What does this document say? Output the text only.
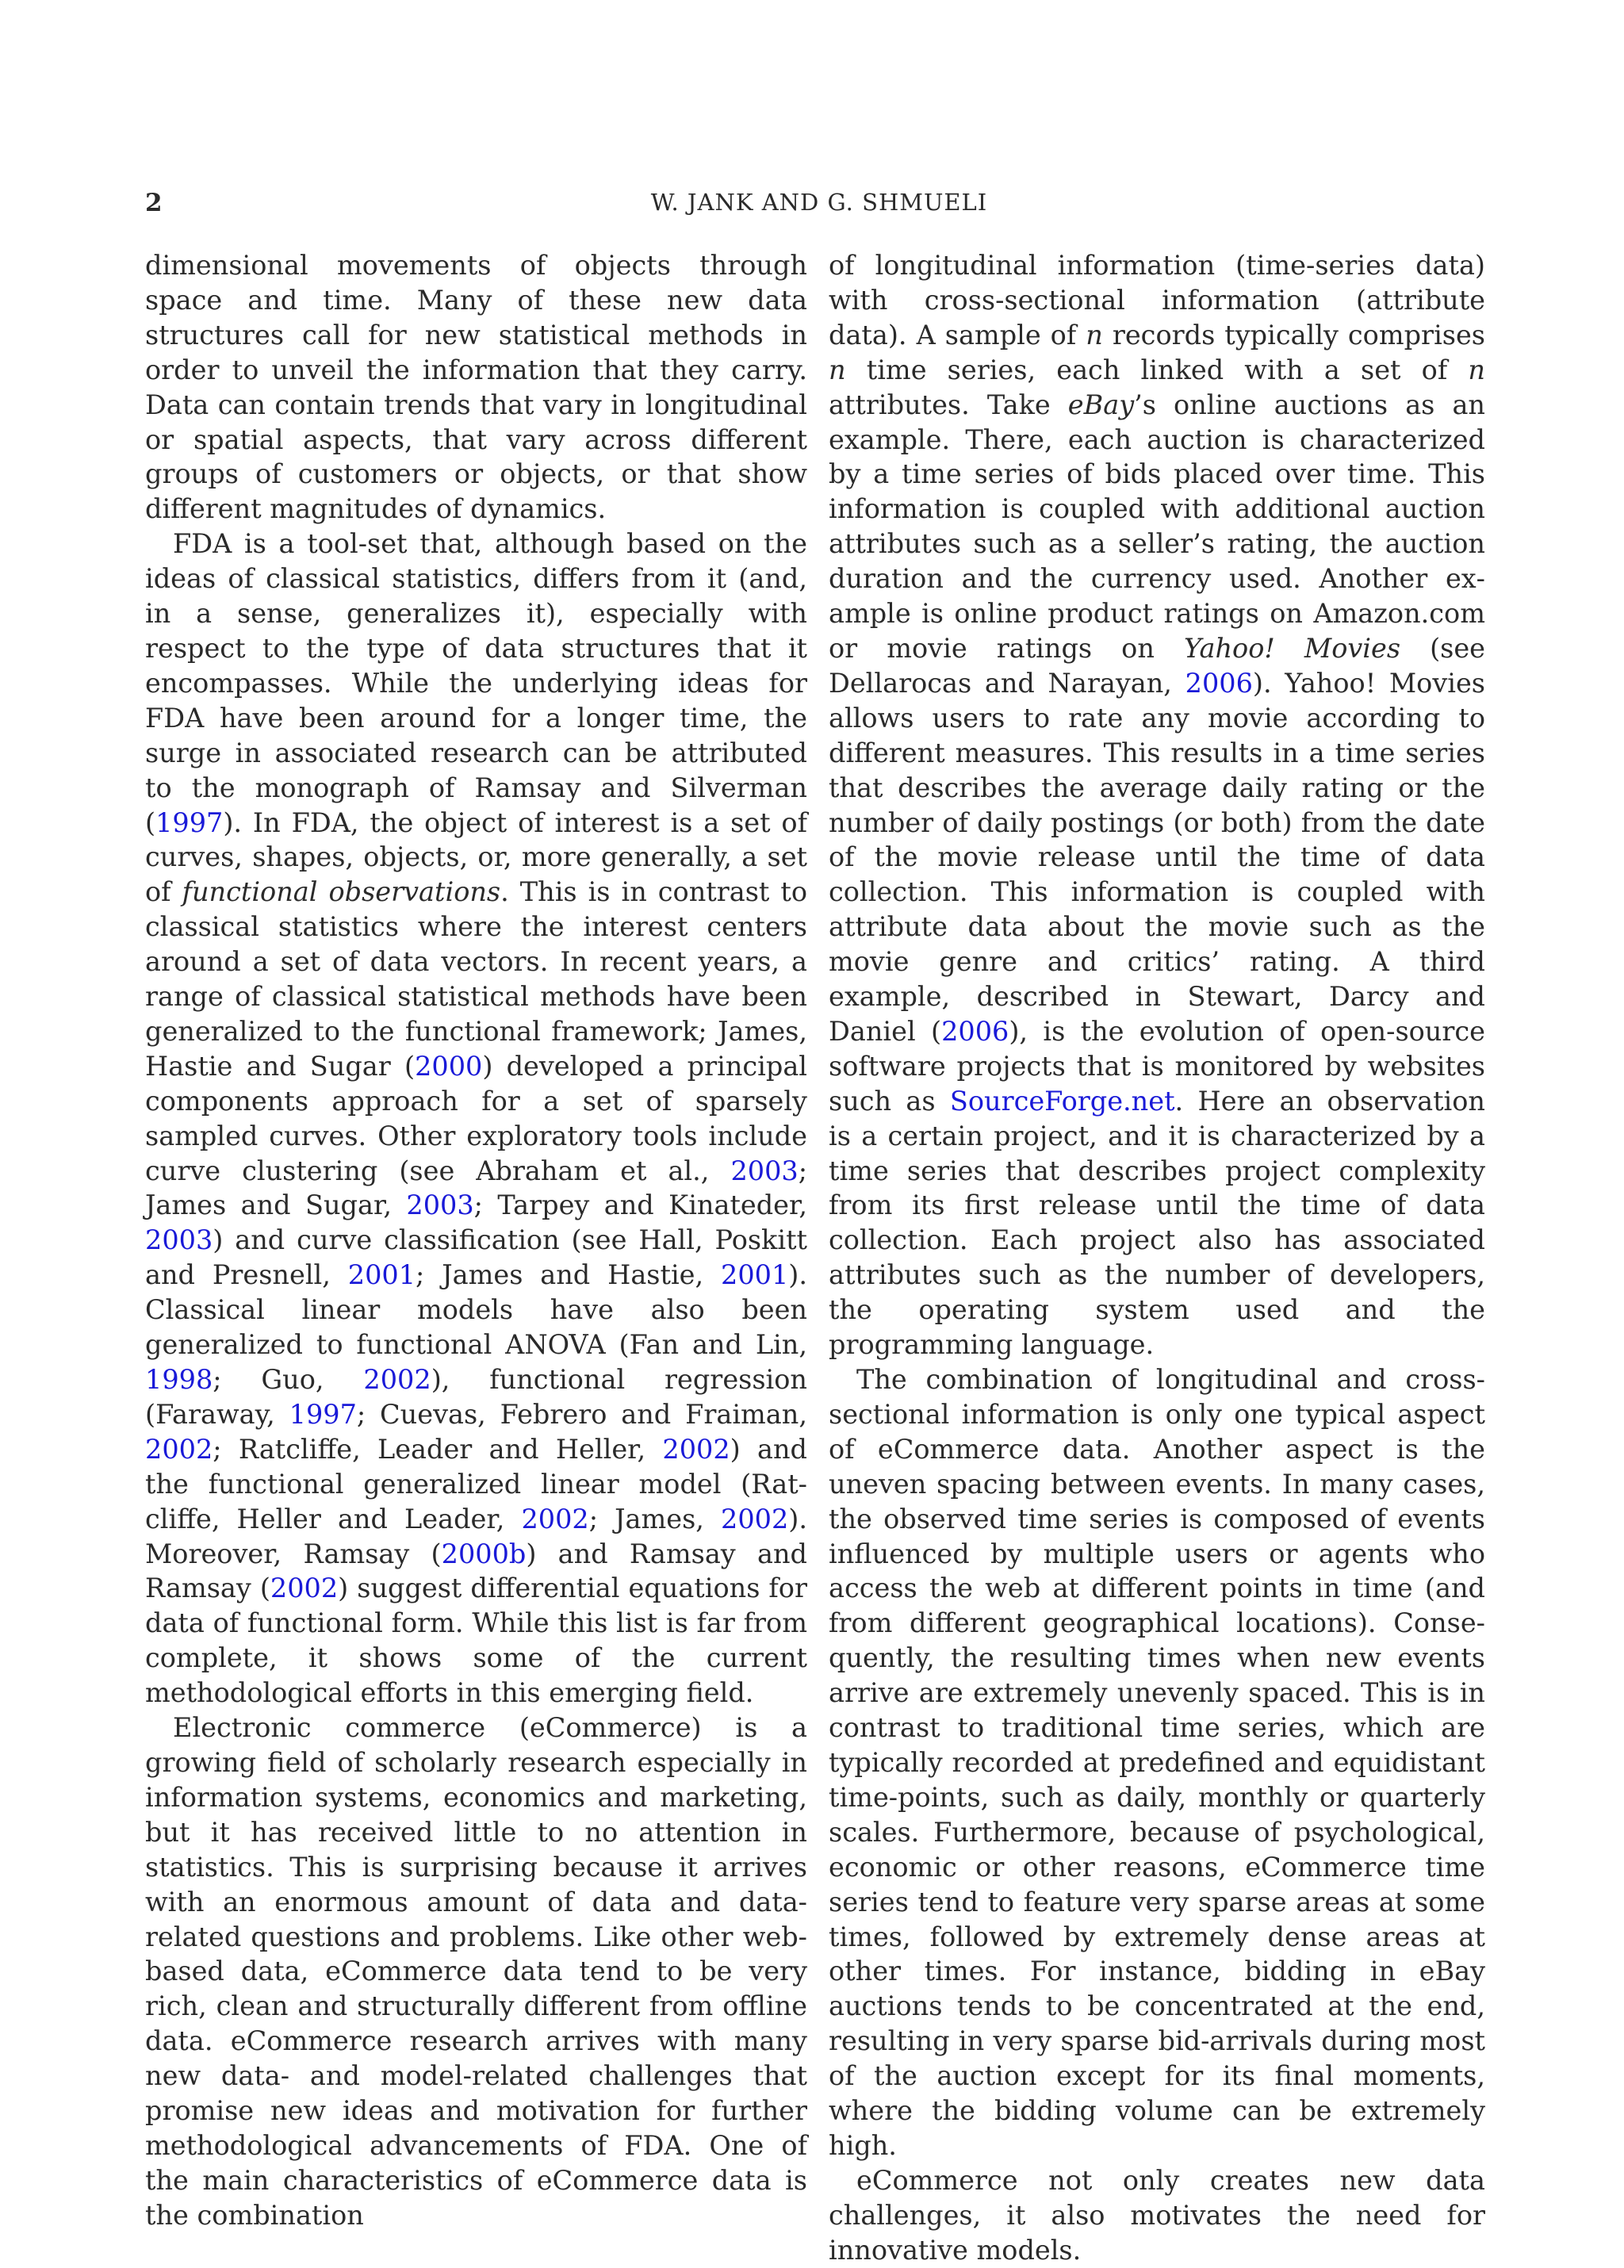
2	W. JANK AND G. SHMUELI

dimensional movements of objects through space and time. Many of these new data structures call for new statistical methods in order to unveil the information that they carry. Data can contain trends that vary in longitudinal or spatial aspects, that vary across different groups of customers or objects, or that show different magnitudes of dynamics.

FDA is a tool-set that, although based on the ideas of classical statistics, differs from it (and, in a sense, generalizes it), especially with respect to the type of data structures that it encompasses. While the underlying ideas for FDA have been around for a longer time, the surge in associated research can be attributed to the monograph of Ramsay and Silverman (1997). In FDA, the object of interest is a set of curves, shapes, objects, or, more generally, a set of functional observations. This is in contrast to classical statistics where the interest centers around a set of data vectors. In recent years, a range of classical statistical methods have been generalized to the functional framework; James, Hastie and Sugar (2000) developed a principal components approach for a set of sparsely sampled curves. Other exploratory tools include curve clustering (see Abraham et al., 2003; James and Sugar, 2003; Tarpey and Kinateder, 2003) and curve classification (see Hall, Poskitt and Presnell, 2001; James and Hastie, 2001). Classical linear models have also been generalized to functional ANOVA (Fan and Lin, 1998; Guo, 2002), functional regression (Faraway, 1997; Cuevas, Febrero and Fraiman, 2002; Ratcliffe, Leader and Heller, 2002) and the functional generalized linear model (Ratcliffe, Heller and Leader, 2002; James, 2002). Moreover, Ramsay (2000b) and Ramsay and Ramsay (2002) suggest differential equations for data of functional form. While this list is far from complete, it shows some of the current methodological efforts in this emerging field.

Electronic commerce (eCommerce) is a growing field of scholarly research especially in information systems, economics and marketing, but it has received little to no attention in statistics. This is surprising because it arrives with an enormous amount of data and data-related questions and problems. Like other web-based data, eCommerce data tend to be very rich, clean and structurally different from offline data. eCommerce research arrives with many new data- and model-related challenges that promise new ideas and motivation for further methodological advancements of FDA. One of the main characteristics of eCommerce data is the combination

of longitudinal information (time-series data) with cross-sectional information (attribute data). A sample of n records typically comprises n time series, each linked with a set of n attributes. Take eBay’s online auctions as an example. There, each auction is characterized by a time series of bids placed over time. This information is coupled with additional auction attributes such as a seller’s rating, the auction duration and the currency used. Another example is online product ratings on Amazon.com or movie ratings on Yahoo! Movies (see Dellarocas and Narayan, 2006). Yahoo! Movies allows users to rate any movie according to different measures. This results in a time series that describes the average daily rating or the number of daily postings (or both) from the date of the movie release until the time of data collection. This information is coupled with attribute data about the movie such as the movie genre and critics’ rating. A third example, described in Stewart, Darcy and Daniel (2006), is the evolution of open-source software projects that is monitored by websites such as SourceForge.net. Here an observation is a certain project, and it is characterized by a time series that describes project complexity from its first release until the time of data collection. Each project also has associated attributes such as the number of developers, the operating system used and the programming language.

The combination of longitudinal and cross-sectional information is only one typical aspect of eCommerce data. Another aspect is the uneven spacing between events. In many cases, the observed time series is composed of events influenced by multiple users or agents who access the web at different points in time (and from different geographical locations). Consequently, the resulting times when new events arrive are extremely unevenly spaced. This is in contrast to traditional time series, which are typically recorded at predefined and equidistant time-points, such as daily, monthly or quarterly scales. Furthermore, because of psychological, economic or other reasons, eCommerce time series tend to feature very sparse areas at some times, followed by extremely dense areas at other times. For instance, bidding in eBay auctions tends to be concentrated at the end, resulting in very sparse bid-arrivals during most of the auction except for its final moments, where the bidding volume can be extremely high.

eCommerce not only creates new data challenges, it also motivates the need for innovative models.
